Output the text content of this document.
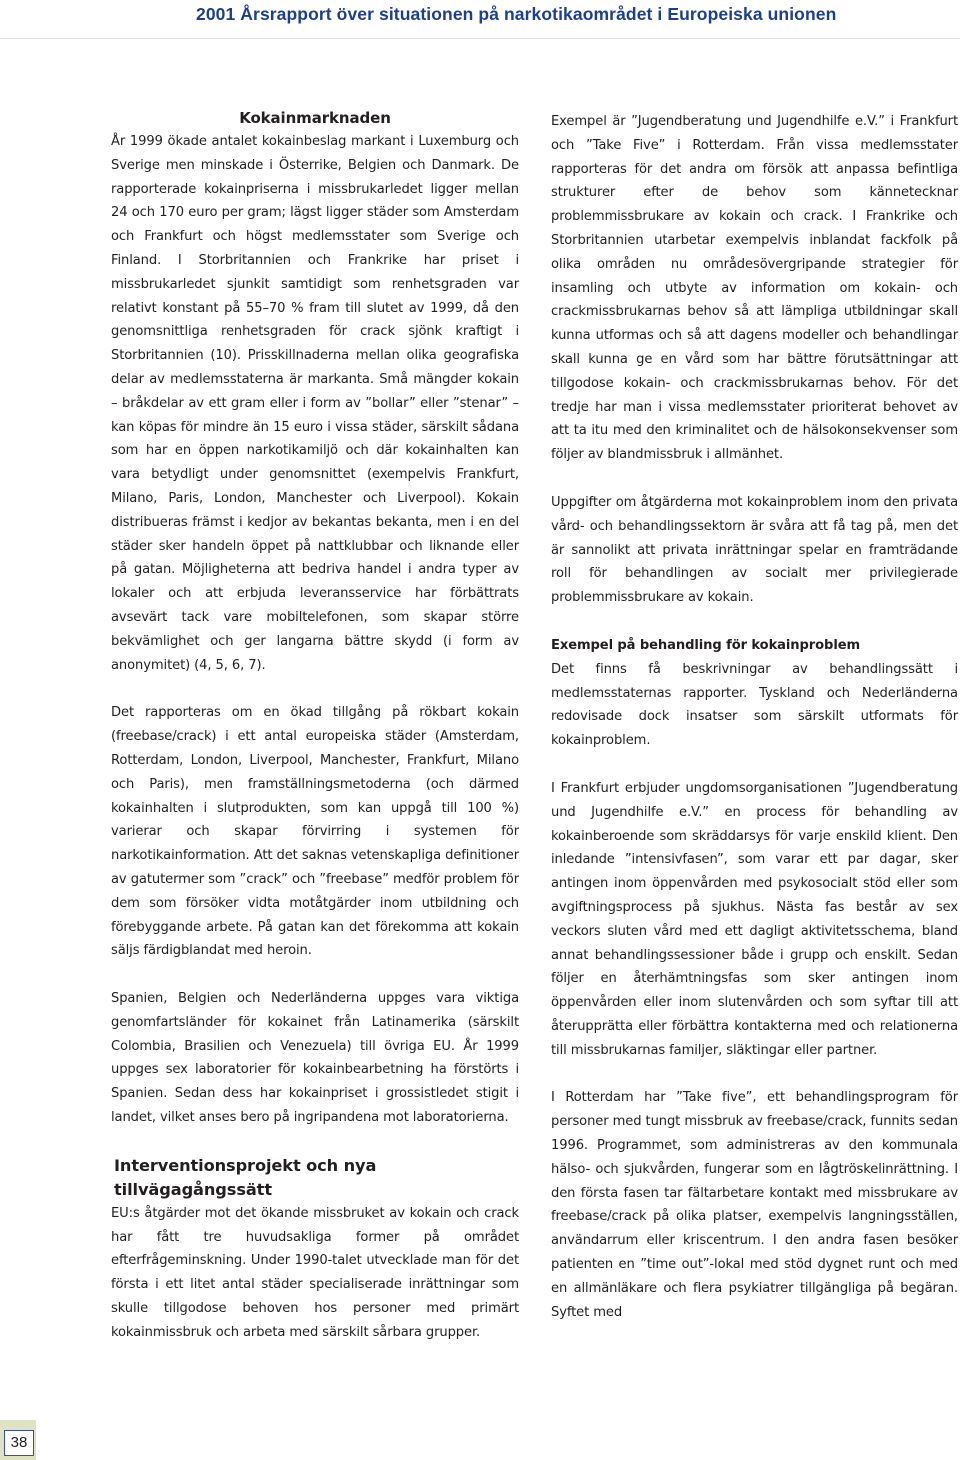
2001 Årsrapport över situationen på narkotikaområdet i Europeiska unionen
Kokainmarknaden

År 1999 ökade antalet kokainbeslag markant i Luxemburg och Sverige men minskade i Österrike, Belgien och Danmark. De rapporterade kokainpriserna i missbrukarledet ligger mellan 24 och 170 euro per gram; lägst ligger städer som Amsterdam och Frankfurt och högst medlemsstater som Sverige och Finland. I Storbritannien och Frankrike har priset i missbrukarledet sjunkit samtidigt som renhetsgraden var relativt konstant på 55–70 % fram till slutet av 1999, då den genomsnittliga renhetsgraden för crack sjönk kraftigt i Storbritannien (10). Prisskillnaderna mellan olika geografiska delar av medlemsstaterna är markanta. Små mängder kokain – bråkdelar av ett gram eller i form av ”bollar” eller ”stenar” – kan köpas för mindre än 15 euro i vissa städer, särskilt sådana som har en öppen narkotikamiljö och där kokainhalten kan vara betydligt under genomsnittet (exempelvis Frankfurt, Milano, Paris, London, Manchester och Liverpool). Kokain distribueras främst i kedjor av bekantas bekanta, men i en del städer sker handeln öppet på nattklubbar och liknande eller på gatan. Möjligheterna att bedriva handel i andra typer av lokaler och att erbjuda leveransservice har förbättrats avsevärt tack vare mobiltelefonen, som skapar större bekvämlighet och ger langarna bättre skydd (i form av anonymitet) (4, 5, 6, 7).

Det rapporteras om en ökad tillgång på rökbart kokain (freebase/crack) i ett antal europeiska städer (Amsterdam, Rotterdam, London, Liverpool, Manchester, Frankfurt, Milano och Paris), men framställningsmetoderna (och därmed kokainhalten i slutprodukten, som kan uppgå till 100 %) varierar och skapar förvirring i systemen för narkotikainformation. Att det saknas vetenskapliga definitioner av gatutermer som ”crack” och ”freebase” medför problem för dem som försöker vidta motåtgärder inom utbildning och förebyggande arbete. På gatan kan det förekomma att kokain säljs färdigblandat med heroin.

Spanien, Belgien och Nederländerna uppges vara viktiga genomfartsländer för kokainet från Latinamerika (särskilt Colombia, Brasilien och Venezuela) till övriga EU. År 1999 uppges sex laboratorier för kokainbearbetning ha förstörts i Spanien. Sedan dess har kokainpriset i grossistledet stigit i landet, vilket anses bero på ingripandena mot laboratorierna.

Interventionsprojekt och nya tillvägagångssätt

EU:s åtgärder mot det ökande missbruket av kokain och crack har fått tre huvudsakliga former på området efterfrågeminskning. Under 1990-talet utvecklade man för det första i ett litet antal städer specialiserade inrättningar som skulle tillgodose behoven hos personer med primärt kokainmissbruk och arbeta med särskilt sårbara grupper.

Exempel är ”Jugendberatung und Jugendhilfe e.V.” i Frankfurt och ”Take Five” i Rotterdam. Från vissa medlemsstater rapporteras för det andra om försök att anpassa befintliga strukturer efter de behov som kännetecknar problemmissbrukare av kokain och crack. I Frankrike och Storbritannien utarbetar exempelvis inblandat fackfolk på olika områden nu områdesövergripande strategier för insamling och utbyte av information om kokain- och crackmissbrukarnas behov så att lämpliga utbildningar skall kunna utformas och så att dagens modeller och behandlingar skall kunna ge en vård som har bättre förutsättningar att tillgodose kokain- och crackmissbrukarnas behov. För det tredje har man i vissa medlemsstater prioriterat behovet av att ta itu med den kriminalitet och de hälsokonsekvenser som följer av blandmissbruk i allmänhet.

Uppgifter om åtgärderna mot kokainproblem inom den privata vård- och behandlingssektorn är svåra att få tag på, men det är sannolikt att privata inrättningar spelar en framträdande roll för behandlingen av socialt mer privilegierade problemmissbrukare av kokain.

Exempel på behandling för kokainproblem

Det finns få beskrivningar av behandlingssätt i medlemsstaternas rapporter. Tyskland och Nederländerna redovisade dock insatser som särskilt utformats för kokainproblem.

I Frankfurt erbjuder ungdomsorganisationen ”Jugendberatung und Jugendhilfe e.V.” en process för behandling av kokainberoende som skräddarsys för varje enskild klient. Den inledande ”intensivfasen”, som varar ett par dagar, sker antingen inom öppenvården med psykosocialt stöd eller som avgiftningsprocess på sjukhus. Nästa fas består av sex veckors sluten vård med ett dagligt aktivitetsschema, bland annat behandlingssessioner både i grupp och enskilt. Sedan följer en återhämtningsfas som sker antingen inom öppenvården eller inom slutenvården och som syftar till att återupprätta eller förbättra kontakterna med och relationerna till missbrukarnas familjer, släktingar eller partner.

I Rotterdam har ”Take five”, ett behandlingsprogram för personer med tungt missbruk av freebase/crack, funnits sedan 1996. Programmet, som administreras av den kommunala hälso- och sjukvården, fungerar som en lågtröskelinrättning. I den första fasen tar fältarbetare kontakt med missbrukare av freebase/crack på olika platser, exempelvis langningsställen, användarrum eller kriscentrum. I den andra fasen besöker patienten en ”time out”-lokal med stöd dygnet runt och med en allmänläkare och flera psykiatrer tillgängliga på begäran. Syftet med

38
